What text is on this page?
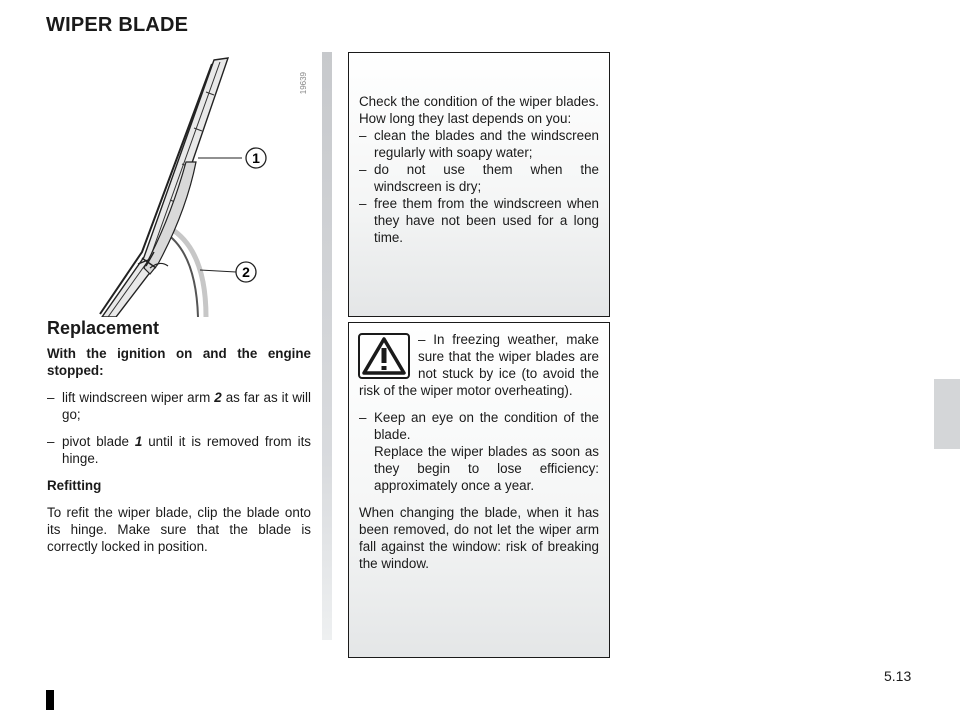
WIPER BLADE
19639
1
2
Replacement

With the ignition on and the engine stopped:

– lift windscreen wiper arm 2 as far as it will go;
– pivot blade 1 until it is removed from its hinge.

Refitting

To refit the wiper blade, clip the blade onto its hinge. Make sure that the blade is correctly locked in position.

Check the condition of the wiper blades. How long they last depends on you:

– clean the blades and the windscreen regularly with soapy water;
– do not use them when the windscreen is dry;
– free them from the windscreen when they have not been used for a long time.

– In freezing weather, make sure that the wiper blades are not stuck by ice (to avoid the risk of the wiper motor overheating).

– Keep an eye on the condition of the blade.
Replace the wiper blades as soon as they begin to lose efficiency: approximately once a year.

When changing the blade, when it has been removed, do not let the wiper arm fall against the window: risk of breaking the window.

5.13
